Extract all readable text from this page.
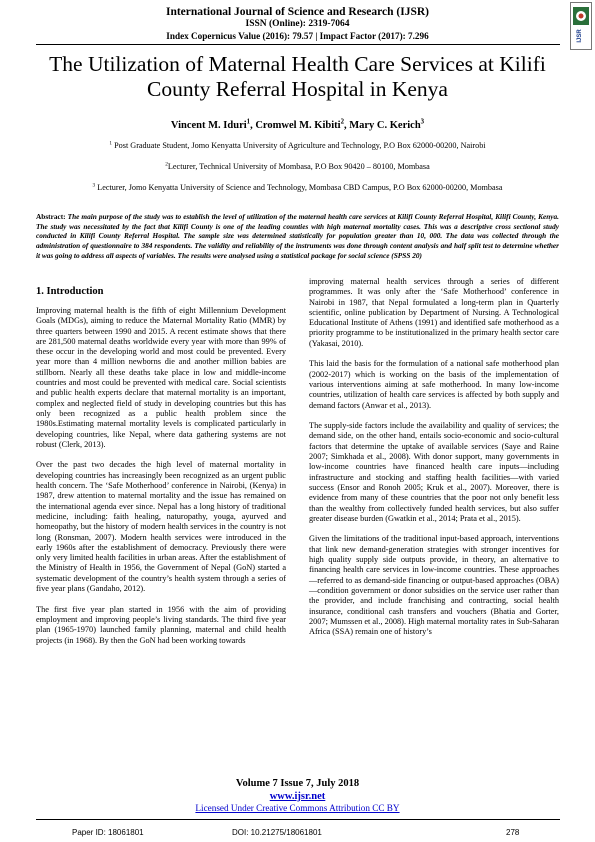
International Journal of Science and Research (IJSR)
ISSN (Online): 2319-7064
Index Copernicus Value (2016): 79.57 | Impact Factor (2017): 7.296	IJSR
The Utilization of Maternal Health Care Services at Kilifi County Referral Hospital in Kenya
Vincent M. Iduri$^1$, Cromwel M. Kibiti$^2$, Mary C. Kerich$^3$
$^1$ Post Graduate Student, Jomo Kenyatta University of Agriculture and Technology, P.O Box 62000-00200, Nairobi
$^2$Lecturer, Technical University of Mombasa, P.O Box 90420 – 80100, Mombasa
$^3$ Lecturer, Jomo Kenyatta University of Science and Technology, Mombasa CBD Campus, P.O Box 62000-00200, Mombasa
Abstract: The main purpose of the study was to establish the level of utilization of the maternal health care services at Kilifi County Referral Hospital, Kilifi County, Kenya. The study was necessitated by the fact that Kilifi County is one of the leading counties with high maternal mortality cases. This was a descriptive cross sectional study conducted in Kilifi County Referral Hospital. The sample size was determined statistically for population greater than 10, 000. The data was collected through the administration of questionnaire to 384 respondents. The validity and reliability of the instruments was done through content analysis and half split test to determine whether it was going to address all aspects of variables. The results were analysed using a statistical package for social science (SPSS 20)
1. Introduction

Improving maternal health is the fifth of eight Millennium Development Goals (MDGs), aiming to reduce the Maternal Mortality Ratio (MMR) by three quarters between 1990 and 2015. A recent estimate shows that there are 281,500 maternal deaths worldwide every year with more than 99% of these occur in the developing world and most could be prevented. Every year more than 4 million newborns die and another million babies are stillborn. Nearly all these deaths take place in low and middle-income countries and most could be prevented with medical care. Social scientists and public health experts declare that maternal mortality is an important, complex and neglected field of study in developing countries but this has only been recognized as a public health problem since the 1980s.Estimating maternal mortality levels is complicated particularly in developing countries, like Nepal, where data gathering systems are not robust (Clerk, 2013).

Over the past two decades the high level of maternal mortality in developing countries has increasingly been recognized as an urgent public health concern. The ‘Safe Motherhood’ conference in Nairobi, (Kenya) in 1987, drew attention to maternal mortality and the issue has remained on the international agenda ever since. Nepal has a long history of traditional medicine, including: faith healing, naturopathy, youga, ayurved and homeopathy, but the history of modern health services in the country is not long (Ronsman, 2007). Modern health services were introduced in the early 1960s after the establishment of democracy. Previously there were only very limited health facilities in urban areas. After the establishment of the Ministry of Health in 1956, the Government of Nepal (GoN) started a systematic development of the country’s health system through a series of five year plans (Gandaho, 2012).

The first five year plan started in 1956 with the aim of providing employment and improving people’s living standards. The third five year plan (1965-1970) launched family planning, maternal and child health projects (in 1968). By then the GoN had been working towards

improving maternal health services through a series of different programmes. It was only after the ‘Safe Motherhood’ conference in Nairobi in 1987, that Nepal formulated a long-term plan in Quarterly scientific, online publication by Department of Nursing. A Technological Educational Institute of Athens (1991) and identified safe motherhood as a priority programme to be institutionalized in the primary health sector care (Yakasai, 2010).

This laid the basis for the formulation of a national safe motherhood plan (2002-2017) which is working on the basis of the implementation of various interventions aiming at safe motherhood. In many low-income countries, utilization of health care services is affected by both supply and demand factors (Anwar et al., 2013).

The supply-side factors include the availability and quality of services; the demand side, on the other hand, entails socio-economic and socio-cultural factors that determine the uptake of available services (Saye and Raine 2007; Simkhada et al., 2008). With donor support, many governments in low-income countries have financed health care inputs—including infrastructure and stocking and staffing health facilities—with varied success (Ensor and Ronoh 2005; Kruk et al., 2007). Moreover, there is evidence from many of these countries that the poor not only benefit less than the wealthy from collectively funded health services, but also suffer greater disease burden (Gwatkin et al., 2014; Prata et al., 2015).

Given the limitations of the traditional input-based approach, interventions that link new demand-generation strategies with stronger incentives for high quality supply side outputs provide, in theory, an alternative to financing health care services in low-income countries. These approaches—referred to as demand-side financing or output-based approaches (OBA)—condition government or donor subsidies on the service user rather than the provider, and include franchising and contracting, social health insurance, conditional cash transfers and vouchers (Bhatia and Gorter, 2007; Mumssen et al., 2008). High maternal mortality rates in Sub-Saharan Africa (SSA) remain one of history’s

Volume 7 Issue 7, July 2018
www.ijsr.net
Licensed Under Creative Commons Attribution CC BY
Paper ID: 18061801	DOI: 10.21275/18061801	278
